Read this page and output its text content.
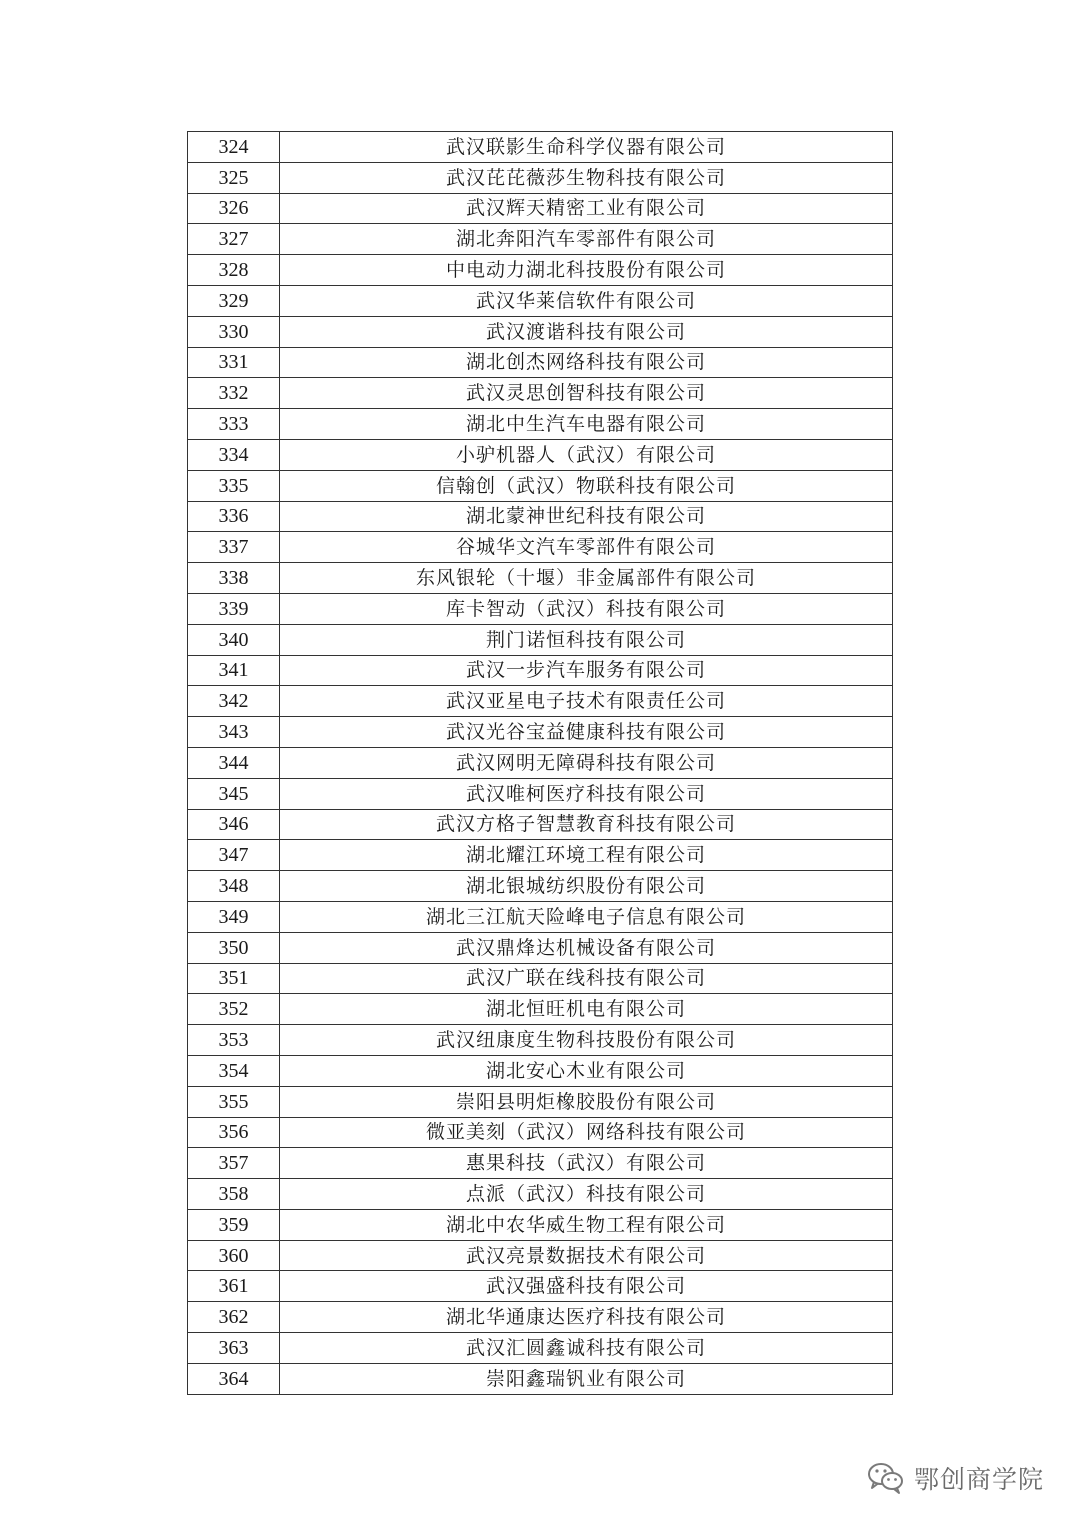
324	武汉联影生命科学仪器有限公司
325	武汉芘芘薇莎生物科技有限公司
326	武汉辉天精密工业有限公司
327	湖北奔阳汽车零部件有限公司
328	中电动力湖北科技股份有限公司
329	武汉华莱信软件有限公司
330	武汉渡谐科技有限公司
331	湖北创杰网络科技有限公司
332	武汉灵思创智科技有限公司
333	湖北中生汽车电器有限公司
334	小驴机器人（武汉）有限公司
335	信翰创（武汉）物联科技有限公司
336	湖北蒙神世纪科技有限公司
337	谷城华文汽车零部件有限公司
338	东风银轮（十堰）非金属部件有限公司
339	库卡智动（武汉）科技有限公司
340	荆门诺恒科技有限公司
341	武汉一步汽车服务有限公司
342	武汉亚星电子技术有限责任公司
343	武汉光谷宝益健康科技有限公司
344	武汉网明无障碍科技有限公司
345	武汉唯柯医疗科技有限公司
346	武汉方格子智慧教育科技有限公司
347	湖北耀江环境工程有限公司
348	湖北银城纺织股份有限公司
349	湖北三江航天险峰电子信息有限公司
350	武汉鼎烽达机械设备有限公司
351	武汉广联在线科技有限公司
352	湖北恒旺机电有限公司
353	武汉纽康度生物科技股份有限公司
354	湖北安心木业有限公司
355	崇阳县明炬橡胶股份有限公司
356	微亚美刻（武汉）网络科技有限公司
357	惠果科技（武汉）有限公司
358	点派（武汉）科技有限公司
359	湖北中农华威生物工程有限公司
360	武汉亮景数据技术有限公司
361	武汉强盛科技有限公司
362	湖北华通康达医疗科技有限公司
363	武汉汇圆鑫诚科技有限公司
364	崇阳鑫瑞钒业有限公司
鄂创商学院
